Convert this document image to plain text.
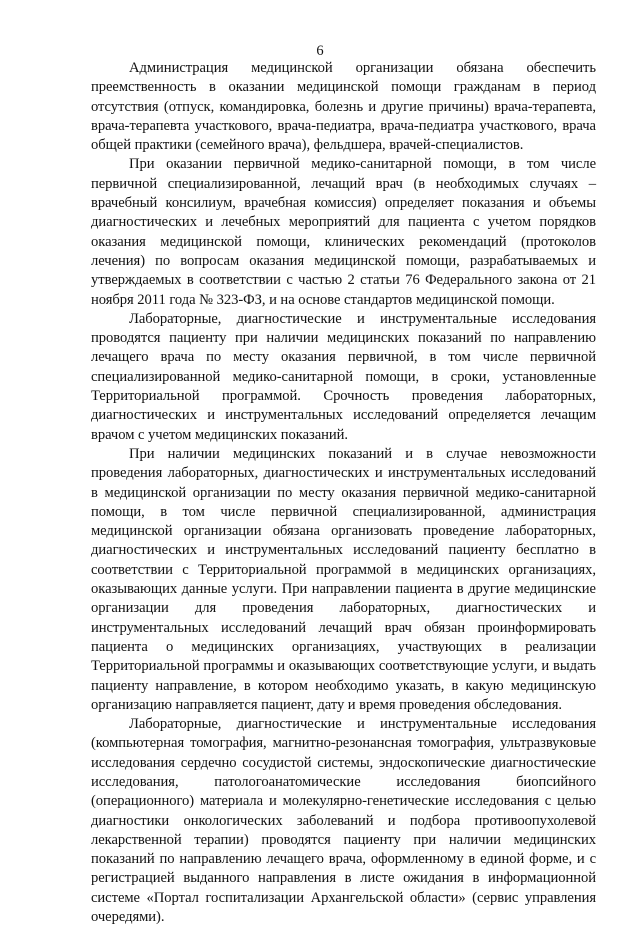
6

Администрация медицинской организации обязана обеспечить преемственность в оказании медицинской помощи гражданам в период отсутствия (отпуск, командировка, болезнь и другие причины) врача-терапевта, врача-терапевта участкового, врача-педиатра, врача-педиатра участкового, врача общей практики (семейного врача), фельдшера, врачей-специалистов.

При оказании первичной медико-санитарной помощи, в том числе первичной специализированной, лечащий врач (в необходимых случаях – врачебный консилиум, врачебная комиссия) определяет показания и объемы диагностических и лечебных мероприятий для пациента с учетом порядков оказания медицинской помощи, клинических рекомендаций (протоколов лечения) по вопросам оказания медицинской помощи, разрабатываемых и утверждаемых в соответствии с частью 2 статьи 76 Федерального закона от 21 ноября 2011 года № 323-ФЗ, и на основе стандартов медицинской помощи.

Лабораторные, диагностические и инструментальные исследования проводятся пациенту при наличии медицинских показаний по направлению лечащего врача по месту оказания первичной, в том числе первичной специализированной медико-санитарной помощи, в сроки, установленные Территориальной программой. Срочность проведения лабораторных, диагностических и инструментальных исследований определяется лечащим врачом с учетом медицинских показаний.

При наличии медицинских показаний и в случае невозможности проведения лабораторных, диагностических и инструментальных исследований в медицинской организации по месту оказания первичной медико-санитарной помощи, в том числе первичной специализированной, администрация медицинской организации обязана организовать проведение лабораторных, диагностических и инструментальных исследований пациенту бесплатно в соответствии с Территориальной программой в медицинских организациях, оказывающих данные услуги. При направлении пациента в другие медицинские организации для проведения лабораторных, диагностических и инструментальных исследований лечащий врач обязан проинформировать пациента о медицинских организациях, участвующих в реализации Территориальной программы и оказывающих соответствующие услуги, и выдать пациенту направление, в котором необходимо указать, в какую медицинскую организацию направляется пациент, дату и время проведения обследования.

Лабораторные, диагностические и инструментальные исследования (компьютерная томография, магнитно-резонансная томография, ультразвуковые исследования сердечно сосудистой системы, эндоскопические диагностические исследования, патологоанатомические исследования биопсийного (операционного) материала и молекулярно-генетические исследования с целью диагностики онкологических заболеваний и подбора противоопухолевой лекарственной терапии) проводятся пациенту при наличии медицинских показаний по направлению лечащего врача, оформленному в единой форме, и с регистрацией выданного направления в листе ожидания в информационной системе «Портал госпитализации Архангельской области» (сервис управления очередями).
